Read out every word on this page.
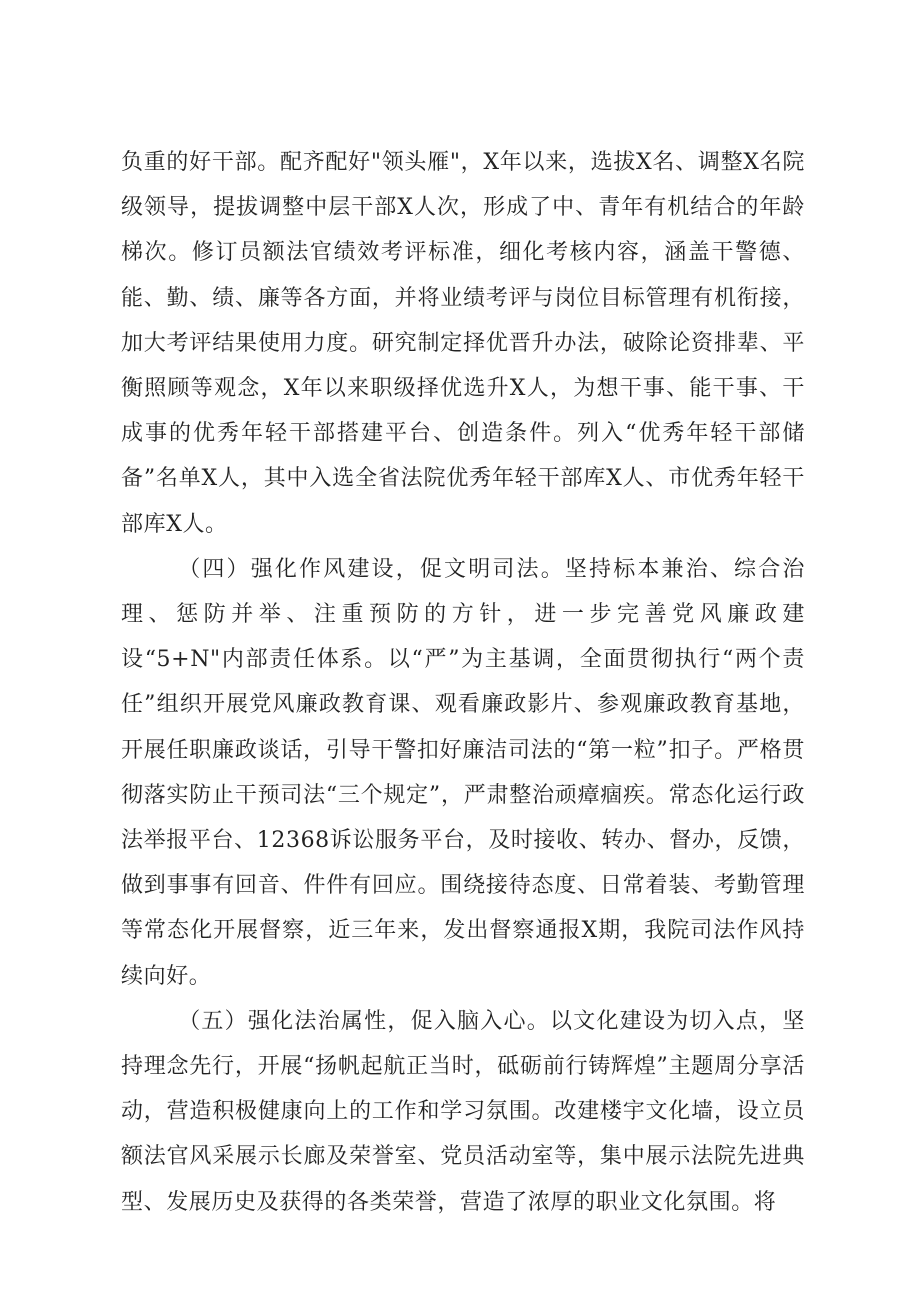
负重的好干部。配齐配好"领头雁"，X年以来，选拔X名、调整X名院级领导，提拔调整中层干部X人次，形成了中、青年有机结合的年龄梯次。修订员额法官绩效考评标准，细化考核内容，涵盖干警德、能、勤、绩、廉等各方面，并将业绩考评与岗位目标管理有机衔接，加大考评结果使用力度。研究制定择优晋升办法，破除论资排辈、平衡照顾等观念，X年以来职级择优选升X人，为想干事、能干事、干成事的优秀年轻干部搭建平台、创造条件。列入“优秀年轻干部储备”名单X人，其中入选全省法院优秀年轻干部库X人、市优秀年轻干部库X人。

（四）强化作风建设，促文明司法。坚持标本兼治、综合治理、惩防并举、注重预防的方针，进一步完善党风廉政建设“5+N"内部责任体系。以“严”为主基调，全面贯彻执行“两个责任”组织开展党风廉政教育课、观看廉政影片、参观廉政教育基地，开展任职廉政谈话，引导干警扣好廉洁司法的“第一粒”扣子。严格贯彻落实防止干预司法“三个规定”，严肃整治顽瘴痼疾。常态化运行政法举报平台、12368诉讼服务平台，及时接收、转办、督办，反馈，做到事事有回音、件件有回应。围绕接待态度、日常着装、考勤管理等常态化开展督察，近三年来，发出督察通报X期，我院司法作风持续向好。

（五）强化法治属性，促入脑入心。以文化建设为切入点，坚持理念先行，开展“扬帆起航正当时，砥砺前行铸辉煌”主题周分享活动，营造积极健康向上的工作和学习氛围。改建楼宇文化墙，设立员额法官风采展示长廊及荣誉室、党员活动室等，集中展示法院先进典型、发展历史及获得的各类荣誉，营造了浓厚的职业文化氛围。将
